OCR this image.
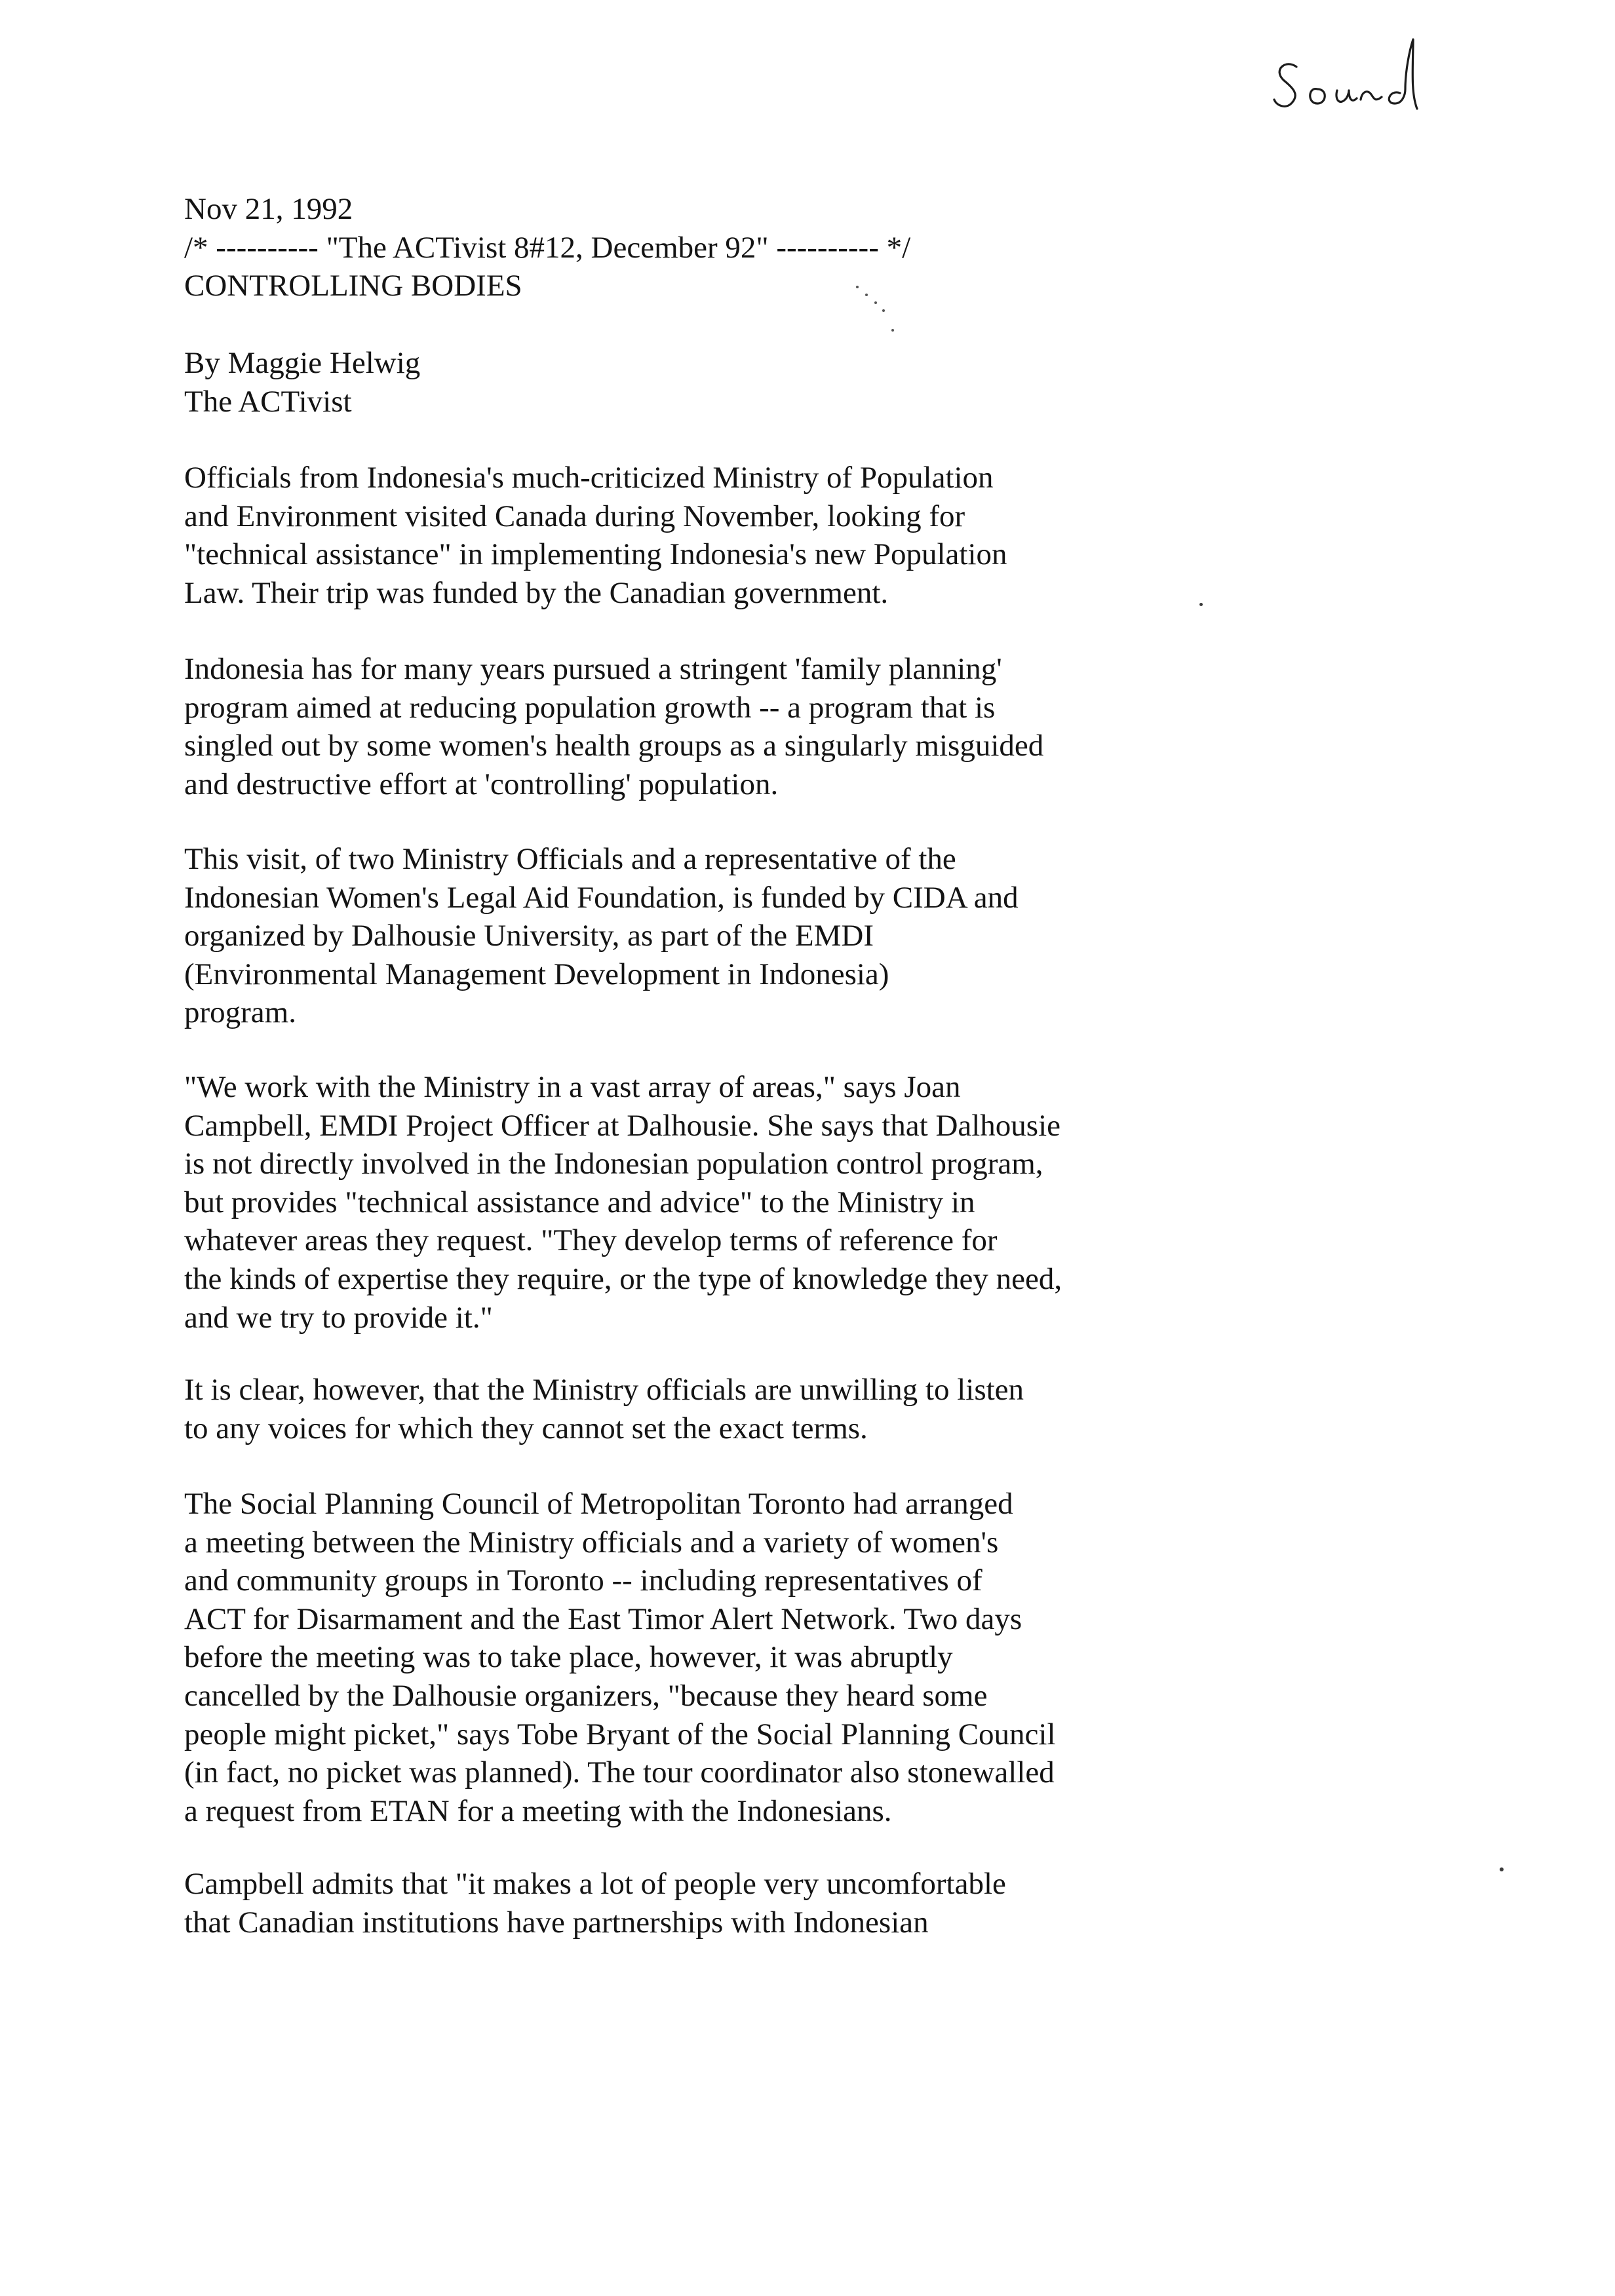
Nov 21, 1992
/* ---------- "The ACTivist 8#12, December 92" ---------- */
CONTROLLING BODIES
By Maggie Helwig
The ACTivist
Officials from Indonesia's much-criticized Ministry of Population
and Environment visited Canada during November, looking for
"technical assistance" in implementing Indonesia's new Population
Law. Their trip was funded by the Canadian government.
Indonesia has for many years pursued a stringent 'family planning'
program aimed at reducing population growth -- a program that is
singled out by some women's health groups as a singularly misguided
and destructive effort at 'controlling' population.
This visit, of two Ministry Officials and a representative of the
Indonesian Women's Legal Aid Foundation, is funded by CIDA and
organized by Dalhousie University, as part of the EMDI
(Environmental Management Development in Indonesia)
program.
"We work with the Ministry in a vast array of areas," says Joan
Campbell, EMDI Project Officer at Dalhousie. She says that Dalhousie
is not directly involved in the Indonesian population control program,
but provides "technical assistance and advice" to the Ministry in
whatever areas they request. "They develop terms of reference for
the kinds of expertise they require, or the type of knowledge they need,
and we try to provide it."
It is clear, however, that the Ministry officials are unwilling to listen
to any voices for which they cannot set the exact terms.
The Social Planning Council of Metropolitan Toronto had arranged
a meeting between the Ministry officials and a variety of women's
and community groups in Toronto -- including representatives of
ACT for Disarmament and the East Timor Alert Network. Two days
before the meeting was to take place, however, it was abruptly
cancelled by the Dalhousie organizers, "because they heard some
people might picket," says Tobe Bryant of the Social Planning Council
(in fact, no picket was planned). The tour coordinator also stonewalled
a request from ETAN for a meeting with the Indonesians.
Campbell admits that "it makes a lot of people very uncomfortable
that Canadian institutions have partnerships with Indonesian
